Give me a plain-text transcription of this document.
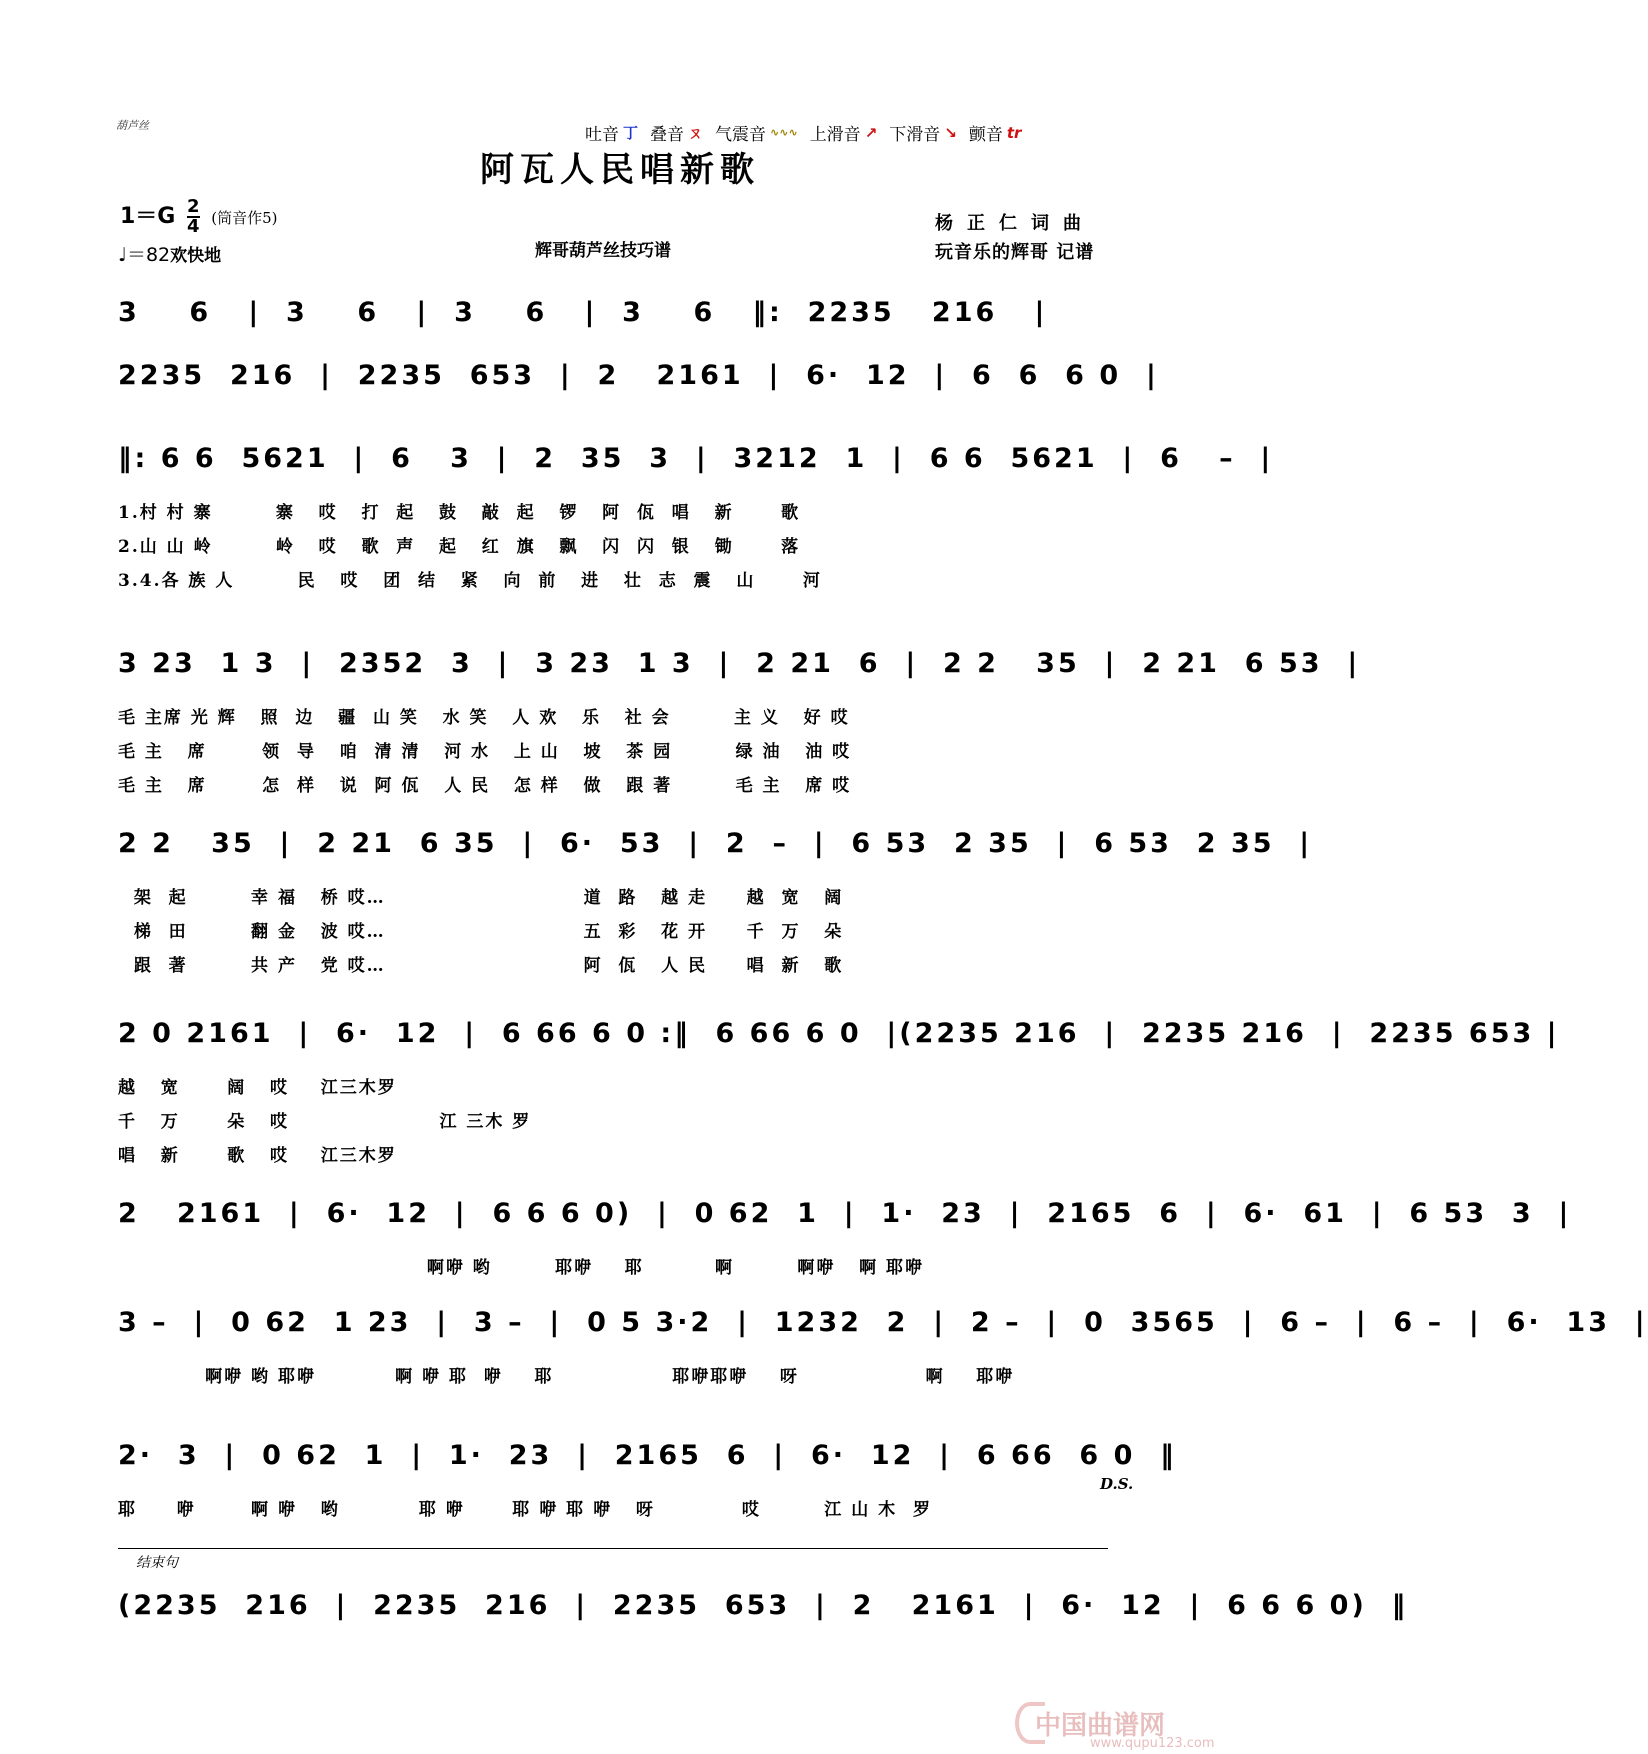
葫芦丝	吐音 丁 叠音 ㄡ 气震音 ∿∿∿ 上滑音 ↗ 下滑音 ↘ 颤音 tr
阿瓦人民唱新歌
$1=G \frac{2}{4}$ (筒音作5)
♩＝82欢快地	辉哥葫芦丝技巧谱
杨正仁词曲
玩音乐的辉哥 记谱
3    6   |  3    6   |  3    6   |  3    6   ‖:  2235   216   |
2235  216  |  2235  653  |  2   2161  |  6·  12  |  6  6  6 0  |
‖: 6 6  5621  |  6   3  |  2  35  3  |  3212  1  |  6 6  5621  |  6   –  |
1.村 村 寨        寨   哎   打  起   鼓   敲  起   锣   阿  佤  唱   新      歌
2.山 山 岭        岭   哎   歌  声   起   红  旗   飘   闪  闪  银   锄      落
3.4.各 族 人        民   哎   团  结   紧   向  前   进   壮  志  震   山      河
3 23  1 3  |  2352  3  |  3 23  1 3  |  2 21  6  |  2 2   35  |  2 21  6 53  |
毛 主席 光 辉   照  边   疆  山 笑   水 笑   人 欢   乐   社 会        主 义   好 哎
毛 主   席       领  导   咱  清 清   河 水   上 山   坡   茶 园        绿 油   油 哎
毛 主   席       怎  样   说  阿 佤   人 民   怎 样   做   跟 著        毛 主   席 哎
2 2   35  |  2 21  6 35  |  6·  53  |  2  –  |  6 53  2 35  |  6 53  2 35  |
架  起        幸 福   桥 哎…                         道  路   越 走     越  宽   阔
梯  田        翻 金   波 哎…                         五  彩   花 开     千  万   朵
跟  著        共 产   党 哎…                         阿  佤   人 民     唱  新   歌
2 0 2161  |  6·  12  |  6 66 6 0 :‖  6 66 6 0  |(2235 216  |  2235 216  |  2235 653 |
越   宽      阔   哎    江三木罗
千   万      朵   哎                   江 三木 罗
唱   新      歌   哎    江三木罗
2   2161  |  6·  12  |  6 6 6 0)  |  0 62  1  |  1·  23  |  2165  6  |  6·  61  |  6 53  3  |
啊咿 哟        耶咿    耶         啊        啊咿   啊 耶咿
3 –  |  0 62  1 23  |  3 –  |  0 5 3·2  |  1232  2  |  2 –  |  0  3565  |  6 –  |  6 –  |  6·  13  |
啊咿 哟 耶咿          啊 咿 耶  咿    耶               耶咿耶咿    呀                啊    耶咿
2·  3  |  0 62  1  |  1·  23  |  2165  6  |  6·  12  |  6 66  6 0  ‖
耶     咿       啊 咿   哟          耶 咿      耶 咿 耶 咿   呀           哎        江 山 木  罗
(2235  216  |  2235  216  |  2235  653  |  2   2161  |  6·  12  |  6 6 6 0)  ‖
D.S.
结束句
中国曲谱网
www.qupu123.com
